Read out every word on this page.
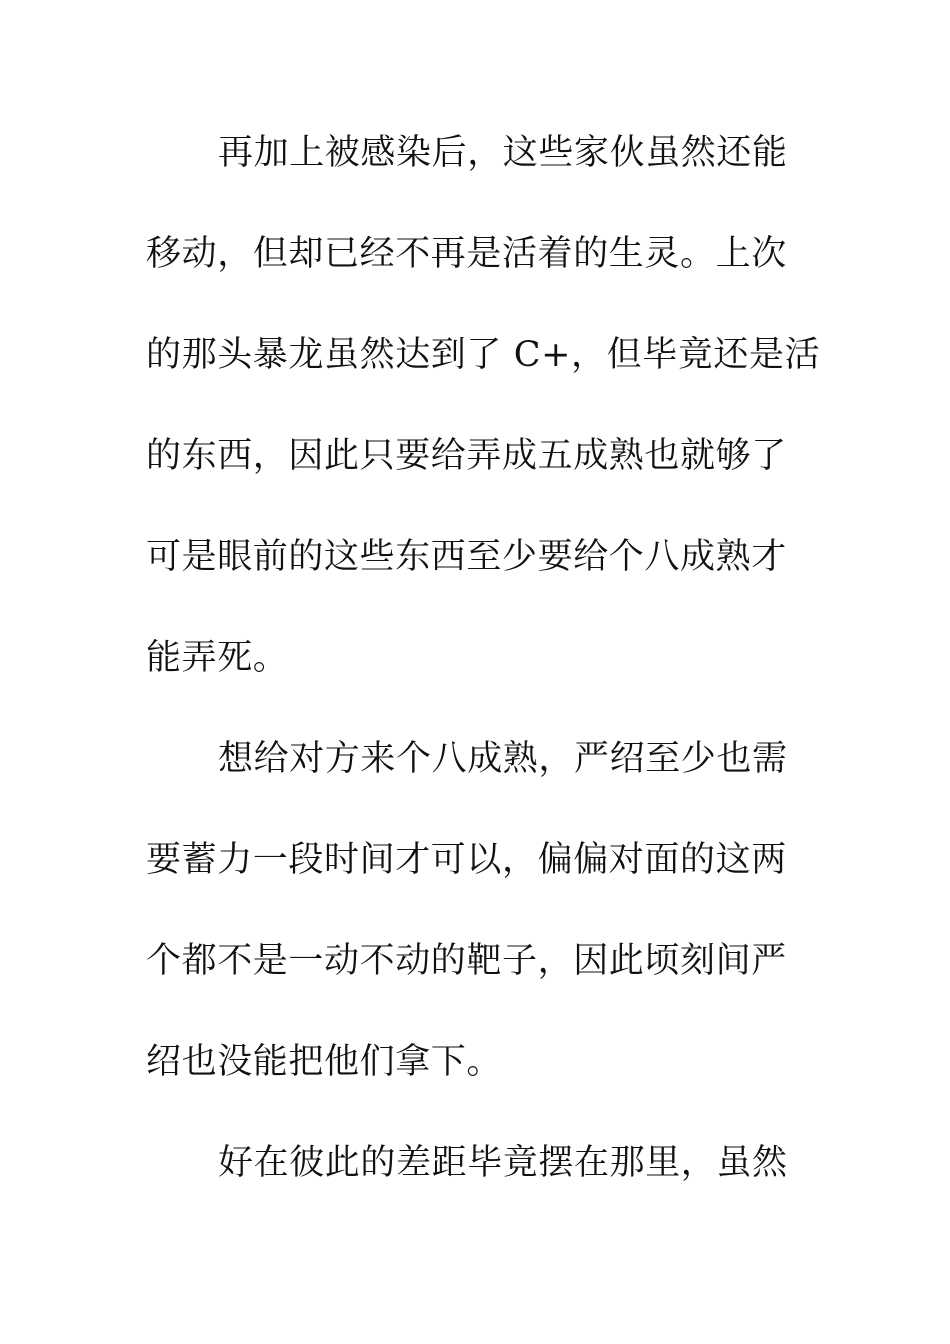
再加上被感染后，这些家伙虽然还能
移动，但却已经不再是活着的生灵。上次
的那头暴龙虽然达到了 C+，但毕竟还是活
的东西，因此只要给弄成五成熟也就够了
可是眼前的这些东西至少要给个八成熟才
能弄死。
想给对方来个八成熟，严绍至少也需
要蓄力一段时间才可以，偏偏对面的这两
个都不是一动不动的靶子，因此顷刻间严
绍也没能把他们拿下。
好在彼此的差距毕竟摆在那里，虽然
